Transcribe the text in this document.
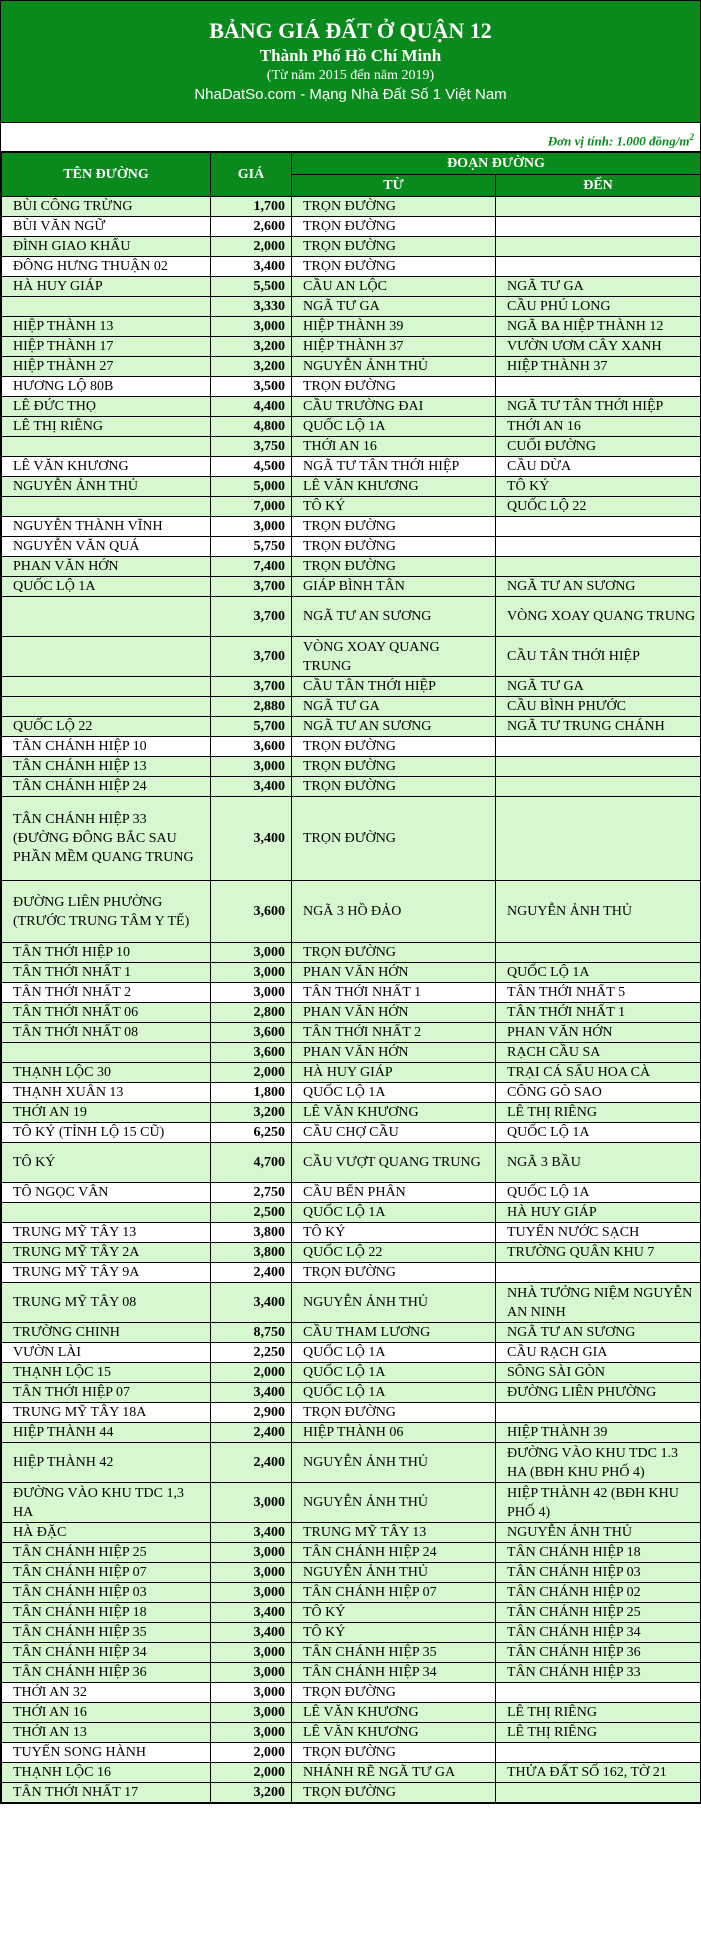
BẢNG GIÁ ĐẤT Ở QUẬN 12
Thành Phố Hồ Chí Minh
(Từ năm 2015 đến năm 2019)
NhaDatSo.com - Mạng Nhà Đất Số 1 Việt Nam
Đơn vị tính: 1.000 đồng/$m^2$
TÊN ĐƯỜNG	GIÁ	ĐOẠN ĐƯỜNG	
		TỪ	ĐẾN
BÙI CÔNG TRỪNG	1,700	TRỌN ĐƯỜNG	
BÙI VĂN NGỮ	2,600	TRỌN ĐƯỜNG	
ĐÌNH GIAO KHẨU	2,000	TRỌN ĐƯỜNG	
ĐÔNG HƯNG THUẬN 02	3,400	TRỌN ĐƯỜNG	
HÀ HUY GIÁP	5,500	CẦU AN LỘC	NGÃ TƯ GA
	3,330	NGÃ TƯ GA	CẦU PHÚ LONG
HIỆP THÀNH 13	3,000	HIỆP THÀNH 39	NGÃ BA HIỆP THÀNH 12
HIỆP THÀNH 17	3,200	HIỆP THÀNH 37	VƯỜN ƯƠM CÂY XANH
HIỆP THÀNH 27	3,200	NGUYỄN ẢNH THỦ	HIỆP THÀNH 37
HƯƠNG LỘ 80B	3,500	TRỌN ĐƯỜNG	
LÊ ĐỨC THỌ	4,400	CẦU TRƯỜNG ĐAI	NGÃ TƯ TÂN THỚI HIỆP
LÊ THỊ RIÊNG	4,800	QUỐC LỘ 1A	THỚI AN 16
	3,750	THỚI AN 16	CUỐI ĐƯỜNG
LÊ VĂN KHƯƠNG	4,500	NGÃ TƯ TÂN THỚI HIỆP	CẦU DỪA
NGUYỄN ẢNH THỦ	5,000	LÊ VĂN KHƯƠNG	TÔ KÝ
	7,000	TÔ KÝ	QUỐC LỘ 22
NGUYỄN THÀNH VĨNH	3,000	TRỌN ĐƯỜNG	
NGUYỄN VĂN QUÁ	5,750	TRỌN ĐƯỜNG	
PHAN VĂN HỚN	7,400	TRỌN ĐƯỜNG	
QUỐC LỘ 1A	3,700	GIÁP BÌNH TÂN	NGÃ TƯ AN SƯƠNG
	3,700	NGÃ TƯ AN SƯƠNG	VÒNG XOAY QUANG TRUNG
	3,700	VÒNG XOAY QUANG TRUNG	CẦU TÂN THỚI HIỆP
	3,700	CẦU TÂN THỚI HIỆP	NGÃ TƯ GA
	2,880	NGÃ TƯ GA	CẦU BÌNH PHƯỚC
QUỐC LỘ 22	5,700	NGÃ TƯ AN SƯƠNG	NGÃ TƯ TRUNG CHÁNH
TÂN CHÁNH HIỆP 10	3,600	TRỌN ĐƯỜNG	
TÂN CHÁNH HIỆP 13	3,000	TRỌN ĐƯỜNG	
TÂN CHÁNH HIỆP 24	3,400	TRỌN ĐƯỜNG	
TÂN CHÁNH HIỆP 33 (ĐƯỜNG ĐÔNG BẮC SAU PHẦN MỀM QUANG TRUNG	3,400	TRỌN ĐƯỜNG	
ĐƯỜNG LIÊN PHƯỜNG (TRƯỚC TRUNG TÂM Y TẾ)	3,600	NGÃ 3 HỒ ĐẢO	NGUYỄN ẢNH THỦ
TÂN THỚI HIỆP 10	3,000	TRỌN ĐƯỜNG	
TÂN THỚI NHẤT 1	3,000	PHAN VĂN HỚN	QUỐC LỘ 1A
TÂN THỚI NHẤT 2	3,000	TÂN THỚI NHẤT 1	TÂN THỚI NHẤT 5
TÂN THỚI NHẤT 06	2,800	PHAN VĂN HỚN	TÂN THỚI NHẤT 1
TÂN THỚI NHẤT 08	3,600	TÂN THỚI NHẤT 2	PHAN VĂN HỚN
	3,600	PHAN VĂN HỚN	RẠCH CẦU SA
THẠNH LỘC 30	2,000	HÀ HUY GIÁP	TRẠI CÁ SẤU HOA CÀ
THẠNH XUÂN 13	1,800	QUỐC LỘ 1A	CÔNG GÒ SAO
THỚI AN 19	3,200	LÊ VĂN KHƯƠNG	LÊ THỊ RIÊNG
TÔ KÝ (TỈNH LỘ 15 CŨ)	6,250	CẦU CHỢ CẦU	QUỐC LỘ 1A
TÔ KÝ	4,700	CẦU VƯỢT QUANG TRUNG	NGÃ 3 BẦU
TÔ NGỌC VÂN	2,750	CẦU BẾN PHÂN	QUỐC LỘ 1A
	2,500	QUỐC LỘ 1A	HÀ HUY GIÁP
TRUNG MỸ TÂY 13	3,800	TÔ KÝ	TUYẾN NƯỚC SẠCH
TRUNG MỸ TÂY 2A	3,800	QUỐC LỘ 22	TRƯỜNG QUÂN KHU 7
TRUNG MỸ TÂY 9A	2,400	TRỌN ĐƯỜNG	
TRUNG MỸ TÂY 08	3,400	NGUYỄN ẢNH THỦ	NHÀ TƯỞNG NIỆM NGUYỄN AN NINH
TRƯỜNG CHINH	8,750	CẦU THAM LƯƠNG	NGÃ TƯ AN SƯƠNG
VƯỜN LÀI	2,250	QUỐC LỘ 1A	CẦU RẠCH GIA
THẠNH LỘC 15	2,000	QUỐC LỘ 1A	SÔNG SÀI GÒN
TÂN THỚI HIỆP 07	3,400	QUỐC LỘ 1A	ĐƯỜNG LIÊN PHƯỜNG
TRUNG MỸ TÂY 18A	2,900	TRỌN ĐƯỜNG	
HIỆP THÀNH 44	2,400	HIỆP THÀNH 06	HIỆP THÀNH 39
HIỆP THÀNH 42	2,400	NGUYỄN ẢNH THỦ	ĐƯỜNG VÀO KHU TDC 1.3 HA (BĐH KHU PHỐ 4)
ĐƯỜNG VÀO KHU TDC 1,3 HA	3,000	NGUYỄN ẢNH THỦ	HIỆP THÀNH 42 (BĐH KHU PHỐ 4)
HÀ ĐẶC	3,400	TRUNG MỸ TÂY 13	NGUYỄN ẢNH THỦ
TÂN CHÁNH HIỆP 25	3,000	TÂN CHÁNH HIỆP 24	TÂN CHÁNH HIỆP 18
TÂN CHÁNH HIỆP 07	3,000	NGUYỄN ẢNH THỦ	TÂN CHÁNH HIỆP 03
TÂN CHÁNH HIỆP 03	3,000	TÂN CHÁNH HIỆP 07	TÂN CHÁNH HIỆP 02
TÂN CHÁNH HIỆP 18	3,400	TÔ KÝ	TÂN CHÁNH HIỆP 25
TÂN CHÁNH HIỆP 35	3,400	TÔ KÝ	TÂN CHÁNH HIỆP 34
TÂN CHÁNH HIỆP 34	3,000	TÂN CHÁNH HIỆP 35	TÂN CHÁNH HIỆP 36
TÂN CHÁNH HIỆP 36	3,000	TÂN CHÁNH HIỆP 34	TÂN CHÁNH HIỆP 33
THỚI AN 32	3,000	TRỌN ĐƯỜNG	
THỚI AN 16	3,000	LÊ VĂN KHƯƠNG	LÊ THỊ RIÊNG
THỚI AN 13	3,000	LÊ VĂN KHƯƠNG	LÊ THỊ RIÊNG
TUYẾN SONG HÀNH	2,000	TRỌN ĐƯỜNG	
THẠNH LỘC 16	2,000	NHÁNH RẼ NGÃ TƯ GA	THỬA ĐẤT SỐ 162, TỜ 21
TÂN THỚI NHẤT 17	3,200	TRỌN ĐƯỜNG	
